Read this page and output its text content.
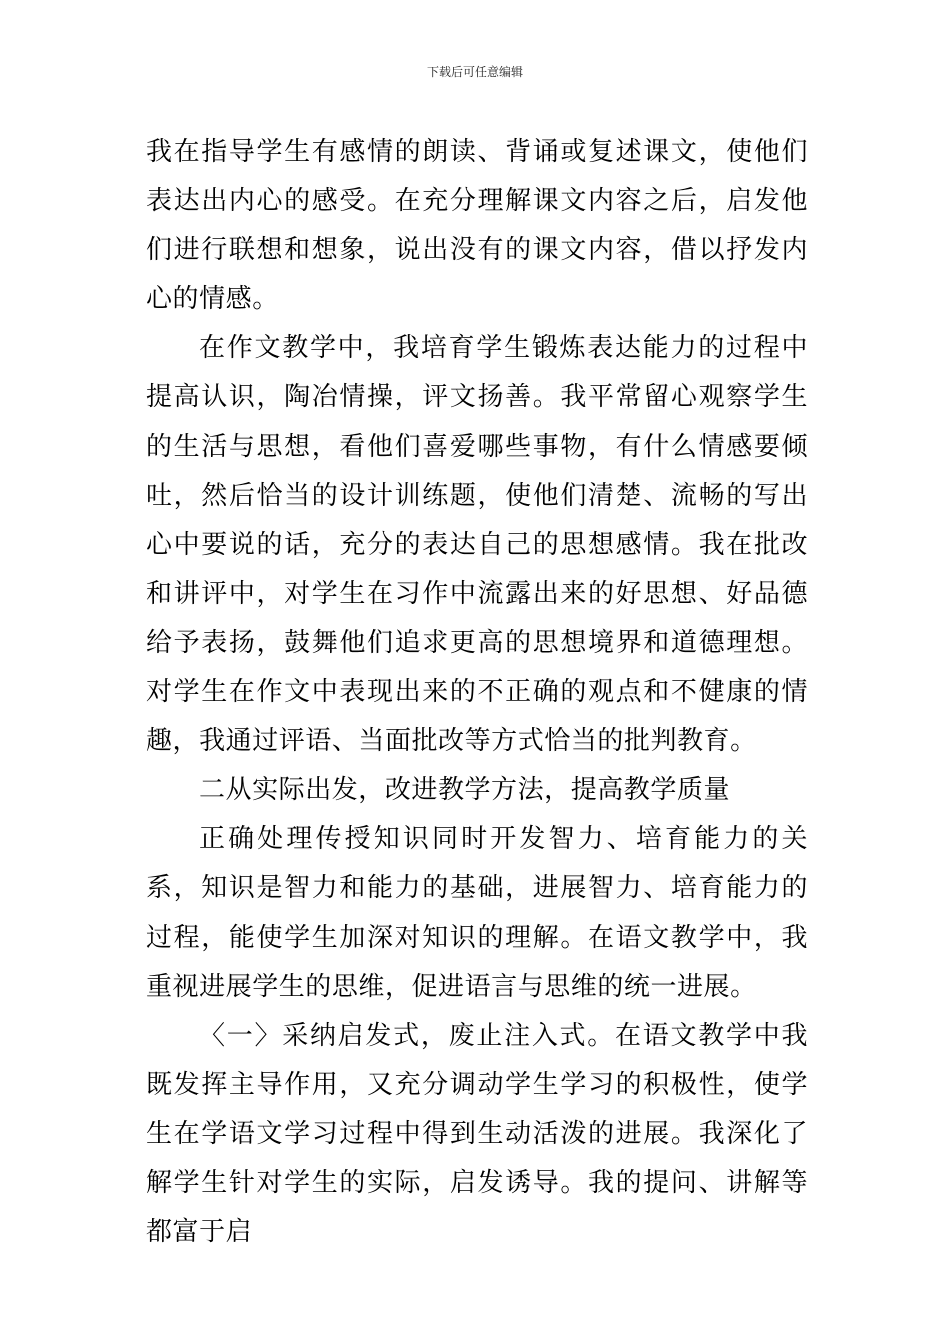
下载后可任意编辑

我在指导学生有感情的朗读、背诵或复述课文，使他们表达出内心的感受。在充分理解课文内容之后，启发他们进行联想和想象，说出没有的课文内容，借以抒发内心的情感。

在作文教学中，我培育学生锻炼表达能力的过程中提高认识，陶冶情操，评文扬善。我平常留心观察学生的生活与思想，看他们喜爱哪些事物，有什么情感要倾吐，然后恰当的设计训练题，使他们清楚、流畅的写出心中要说的话，充分的表达自己的思想感情。我在批改和讲评中，对学生在习作中流露出来的好思想、好品德给予表扬，鼓舞他们追求更高的思想境界和道德理想。对学生在作文中表现出来的不正确的观点和不健康的情趣，我通过评语、当面批改等方式恰当的批判教育。

二从实际出发，改进教学方法，提高教学质量

正确处理传授知识同时开发智力、培育能力的关系，知识是智力和能力的基础，进展智力、培育能力的过程，能使学生加深对知识的理解。在语文教学中，我重视进展学生的思维，促进语言与思维的统一进展。

〈一〉采纳启发式，废止注入式。在语文教学中我既发挥主导作用，又充分调动学生学习的积极性，使学生在学语文学习过程中得到生动活泼的进展。我深化了解学生针对学生的实际，启发诱导。我的提问、讲解等都富于启
